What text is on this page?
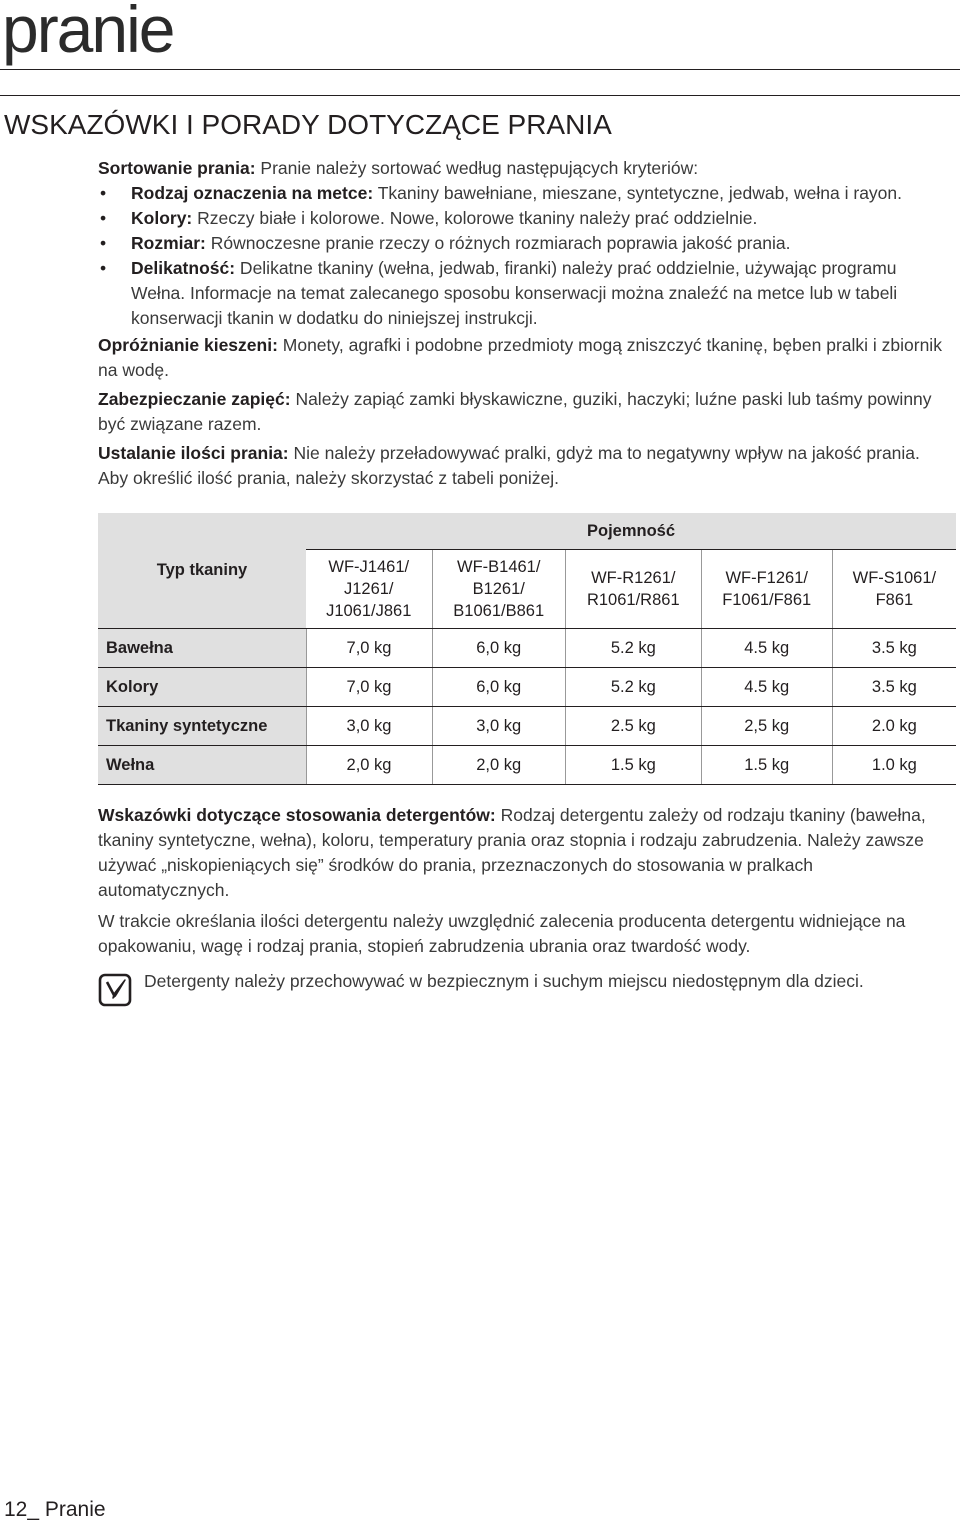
pranie
WSKAZÓWKI I PORADY DOTYCZĄCE PRANIA

Sortowanie prania: Pranie należy sortować według następujących kryteriów:

• Rodzaj oznaczenia na metce: Tkaniny bawełniane, mieszane, syntetyczne, jedwab, wełna i rayon.
• Kolory: Rzeczy białe i kolorowe. Nowe, kolorowe tkaniny należy prać oddzielnie.
• Rozmiar: Równoczesne pranie rzeczy o różnych rozmiarach poprawia jakość prania.
• Delikatność: Delikatne tkaniny (wełna, jedwab, firanki) należy prać oddzielnie, używając programu Wełna. Informacje na temat zalecanego sposobu konserwacji można znaleźć na metce lub w tabeli konserwacji tkanin w dodatku do niniejszej instrukcji.

Opróżnianie kieszeni: Monety, agrafki i podobne przedmioty mogą zniszczyć tkaninę, bęben pralki i zbiornik na wodę.

Zabezpieczanie zapięć: Należy zapiąć zamki błyskawiczne, guziki, haczyki; luźne paski lub taśmy powinny być związane razem.

Ustalanie ilości prania: Nie należy przeładowywać pralki, gdyż ma to negatywny wpływ na jakość prania. Aby określić ilość prania, należy skorzystać z tabeli poniżej.

Typ tkaniny	Pojemność				
	WF-J1461/
J1261/
J1061/J861	WF-B1461/
B1261/
B1061/B861	WF-R1261/
R1061/R861	WF-F1261/
F1061/F861	WF-S1061/
F861
Bawełna	7,0 kg	6,0 kg	5.2 kg	4.5 kg	3.5 kg
Kolory	7,0 kg	6,0 kg	5.2 kg	4.5 kg	3.5 kg
Tkaniny syntetyczne	3,0 kg	3,0 kg	2.5 kg	2,5 kg	2.0 kg
Wełna	2,0 kg	2,0 kg	1.5 kg	1.5 kg	1.0 kg

Wskazówki dotyczące stosowania detergentów: Rodzaj detergentu zależy od rodzaju tkaniny (bawełna, tkaniny syntetyczne, wełna), koloru, temperatury prania oraz stopnia i rodzaju zabrudzenia. Należy zawsze używać „niskopieniących się” środków do prania, przeznaczonych do stosowania w pralkach automatycznych.

W trakcie określania ilości detergentu należy uwzględnić zalecenia producenta detergentu widniejące na opakowaniu, wagę i rodzaj prania, stopień zabrudzenia ubrania oraz twardość wody.

Detergenty należy przechowywać w bezpiecznym i suchym miejscu niedostępnym dla dzieci.

12_ Pranie
